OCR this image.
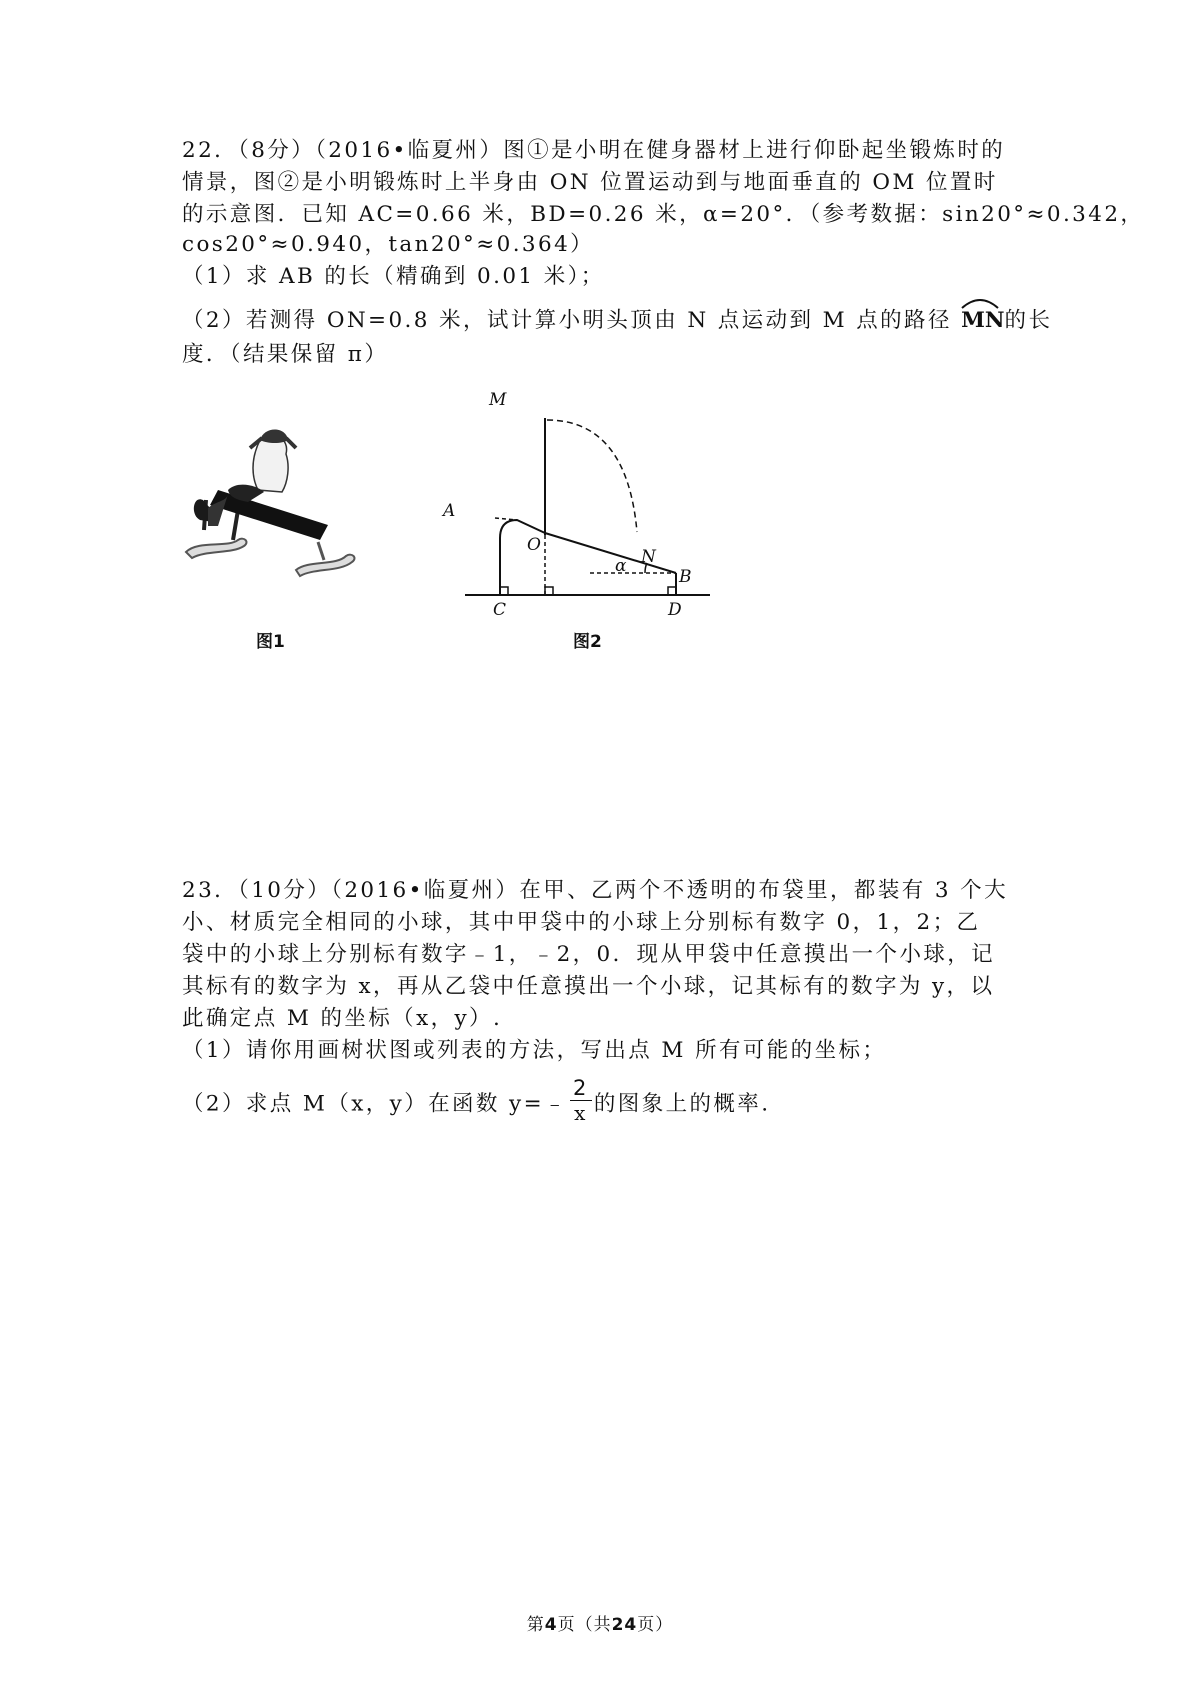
22．（8分）（2016•临夏州）图①是小明在健身器材上进行仰卧起坐锻炼时的
情景，图②是小明锻炼时上半身由 ON 位置运动到与地面垂直的 OM 位置时
的示意图．已知 AC=0.66 米，BD=0.26 米，α=20°．（参考数据：sin20°≈0.342，
cos20°≈0.940，tan20°≈0.364）
（1）求 AB 的长（精确到 0.01 米）；
（2）若测得 ON=0.8 米，试计算小明头顶由 N 点运动到 M 点的路径
MN的长
度．（结果保留 π）
图1
M
A
O
N
α
B
C	D
图2
23．（10分）（2016•临夏州）在甲、乙两个不透明的布袋里，都装有 3 个大
小、材质完全相同的小球，其中甲袋中的小球上分别标有数字 0，1，2；乙
袋中的小球上分别标有数字﹣1，﹣2，0．现从甲袋中任意摸出一个小球，记
其标有的数字为 x，再从乙袋中任意摸出一个小球，记其标有的数字为 y，以
此确定点 M 的坐标（x，y）.
（1）请你用画树状图或列表的方法，写出点 M 所有可能的坐标；
（2）求点 M（x，y）在函数 y=﹣ $\frac{2}{x}$ 的图象上的概率.
第4页（共24页）
